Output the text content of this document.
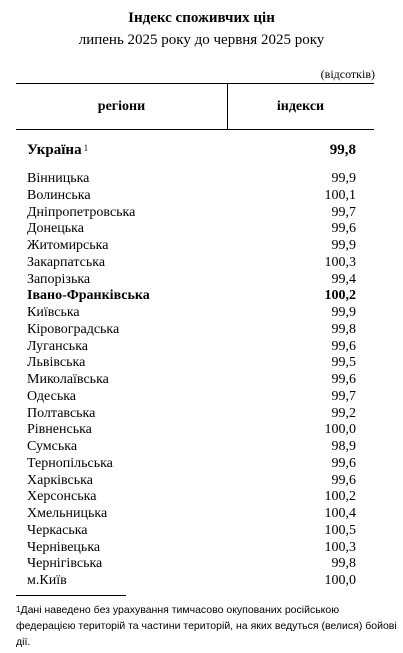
Індекс споживчих цін
липень 2025 року до червня 2025 року
(відсотків)
регіони	індекси
Україна $^1$	99,8
Вінницька	99,9
Волинська	100,1
Дніпропетровська	99,7
Донецька	99,6
Житомирська	99,9
Закарпатська	100,3
Запорізька	99,4
Івано-Франківська	100,2
Київська	99,9
Кіровоградська	99,8
Луганська	99,6
Львівська	99,5
Миколаївська	99,6
Одеська	99,7
Полтавська	99,2
Рівненська	100,0
Сумська	98,9
Тернопільська	99,6
Харківська	99,6
Херсонська	100,2
Хмельницька	100,4
Черкаська	100,5
Чернівецька	100,3
Чернігівська	99,8
м.Київ	100,0
$^1$Дані наведено без урахування тимчасово окупованих російською федерацією територій та частини територій, на яких ведуться (велися) бойові дії.
